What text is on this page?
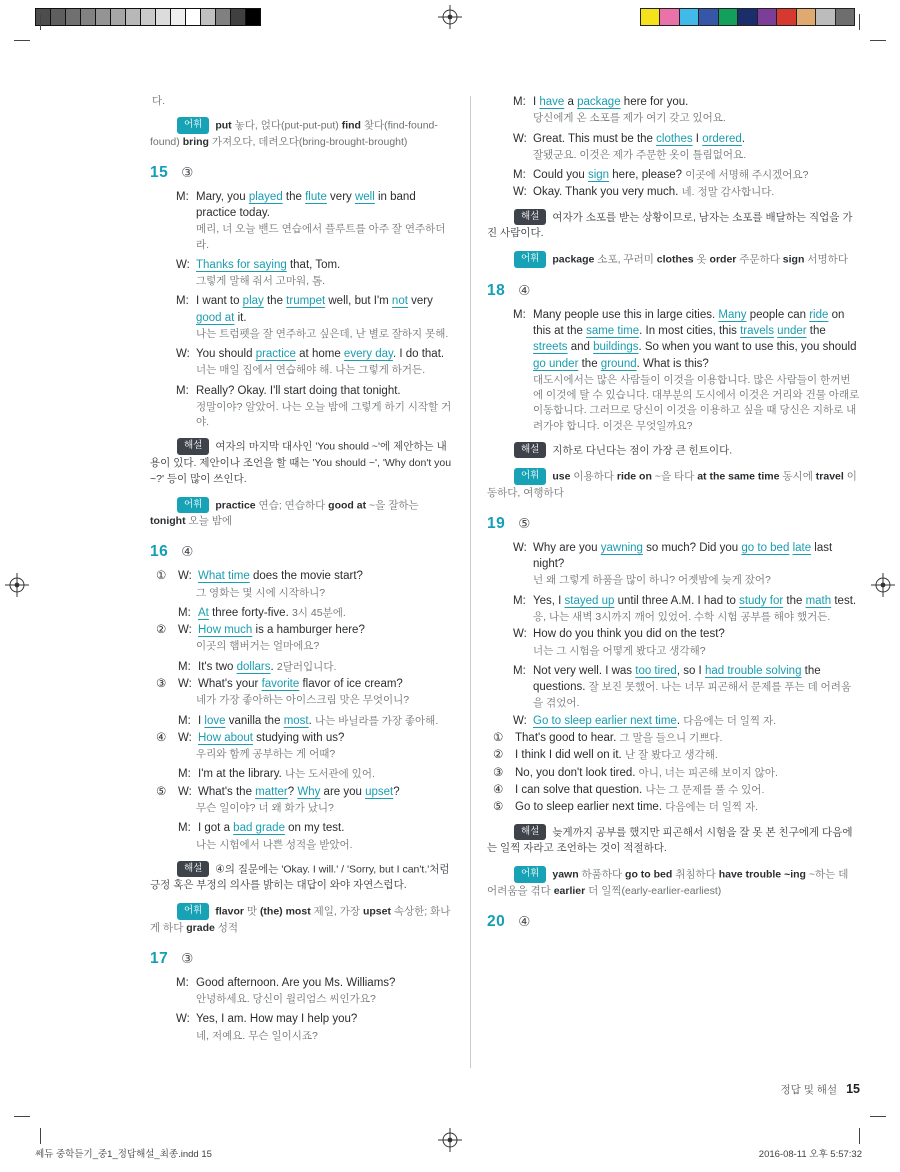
다.
어휘 put 놓다, 얹다(put-put-put) find 찾다(find-found-found) bring 가져오다, 데려오다(bring-brought-brought)
15 ③
M: Mary, you played the flute very well in band practice today.
메리, 너 오늘 밴드 연습에서 플루트를 아주 잘 연주하더라.
W: Thanks for saying that, Tom.
그렇게 말해 줘서 고마워, 톰.
M: I want to play the trumpet well, but I'm not very good at it.
나는 트럼펫을 잘 연주하고 싶은데, 난 별로 잘하지 못해.
W: You should practice at home every day. I do that.
너는 매일 집에서 연습해야 해. 나는 그렇게 하거든.
M: Really? Okay. I'll start doing that tonight.
정말이야? 알았어. 나는 오늘 밤에 그렇게 하기 시작할 거야.
해설 여자의 마지막 대사인 'You should ~'에 제안하는 내용이 있다. 제안이나 조언을 할 때는 'You should ~', 'Why don't you ~?' 등이 많이 쓰인다.
어휘 practice 연습; 연습하다 good at ~을 잘하는 tonight 오늘 밤에
16 ④
①	W: What time does the movie start?
그 영화는 몇 시에 시작하니?
M: At three forty-five. 3시 45분에.
②	W: How much is a hamburger here?
이곳의 햄버거는 얼마에요?
M: It's two dollars. 2달러입니다.
③	W: What's your favorite flavor of ice cream?
네가 가장 좋아하는 아이스크림 맛은 무엇이니?
M: I love vanilla the most. 나는 바닐라를 가장 좋아해.
④	W: How about studying with us?
우리와 함께 공부하는 게 어때?
M: I'm at the library. 나는 도서관에 있어.
⑤	W: What's the matter? Why are you upset?
무슨 일이야? 너 왜 화가 났니?
M: I got a bad grade on my test.
나는 시험에서 나쁜 성적을 받았어.
해설 ④의 질문에는 'Okay. I will.' / 'Sorry, but I can't.'처럼 긍정 혹은 부정의 의사를 밝히는 대답이 와야 자연스럽다.
어휘 flavor 맛 (the) most 제일, 가장 upset 속상한; 화나게 하다 grade 성적
17 ③
M: Good afternoon. Are you Ms. Williams?
안녕하세요. 당신이 윌리엄스 씨인가요?
W: Yes, I am. How may I help you?
네, 저예요. 무슨 일이시죠?
M: I have a package here for you.
당신에게 온 소포를 제가 여기 갖고 있어요.
W: Great. This must be the clothes I ordered.
잘됐군요. 이것은 제가 주문한 옷이 틀림없어요.
M: Could you sign here, please? 이곳에 서명해 주시겠어요?
W: Okay. Thank you very much. 네. 정말 감사합니다.
해설 여자가 소포를 받는 상황이므로, 남자는 소포를 배달하는 직업을 가진 사람이다.
어휘 package 소포, 꾸러미 clothes 옷 order 주문하다 sign 서명하다
18 ④
M: Many people use this in large cities. Many people can ride on this at the same time. In most cities, this travels under the streets and buildings. So when you want to use this, you should go under the ground. What is this?
대도시에서는 많은 사람들이 이것을 이용합니다. 많은 사람들이 한꺼번에 이것에 탈 수 있습니다. 대부분의 도시에서 이것은 거리와 건물 아래로 이동합니다. 그러므로 당신이 이것을 이용하고 싶을 때 당신은 지하로 내려가야 합니다. 이것은 무엇일까요?
해설 지하로 다닌다는 점이 가장 큰 힌트이다.
어휘 use 이용하다 ride on ~을 타다 at the same time 동시에 travel 이동하다, 여행하다
19 ⑤
W: Why are you yawning so much? Did you go to bed late last night?
넌 왜 그렇게 하품을 많이 하니? 어젯밤에 늦게 잤어?
M: Yes, I stayed up until three A.M. I had to study for the math test. 응, 나는 새벽 3시까지 깨어 있었어. 수학 시험 공부를 해야 했거든.
W: How do you think you did on the test?
너는 그 시험을 어떻게 봤다고 생각해?
M: Not very well. I was too tired, so I had trouble solving the questions. 잘 보진 못했어. 나는 너무 피곤해서 문제를 푸는 데 어려움을 겪었어.
W: Go to sleep earlier next time. 다음에는 더 일찍 자.
①	That's good to hear. 그 말을 들으니 기쁘다.
②	I think I did well on it. 난 잘 봤다고 생각해.
③	No, you don't look tired. 아니, 너는 피곤해 보이지 않아.
④	I can solve that question. 나는 그 문제를 풀 수 있어.
⑤	Go to sleep earlier next time. 다음에는 더 일찍 자.
해설 늦게까지 공부를 했지만 피곤해서 시험을 잘 못 본 친구에게 다음에는 일찍 자라고 조언하는 것이 적절하다.
어휘 yawn 하품하다 go to bed 취침하다 have trouble ~ing ~하는 데 어려움을 겪다 earlier 더 일찍(early-earlier-earliest)
20 ④
정답 및 해설 15
쎄듀 중학듣기_중1_정답해설_최종.indd 15	2016-08-11 오후 5:57:32
